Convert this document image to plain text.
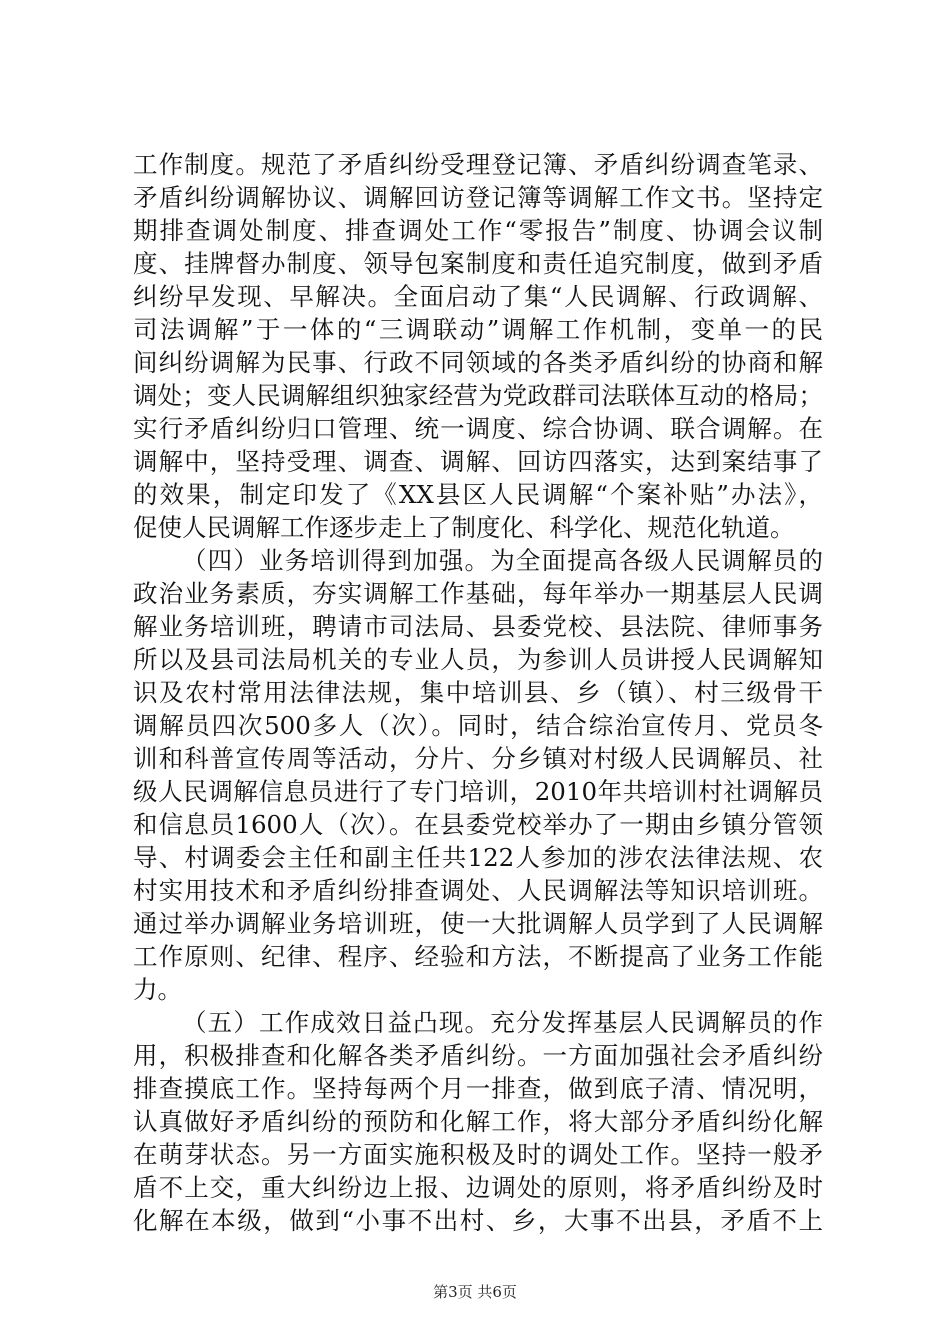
工作制度。规范了矛盾纠纷受理登记簿、矛盾纠纷调查笔录、
矛盾纠纷调解协议、调解回访登记簿等调解工作文书。坚持定
期排查调处制度、排查调处工作“零报告”制度、协调会议制
度、挂牌督办制度、领导包案制度和责任追究制度，做到矛盾
纠纷早发现、早解决。全面启动了集“人民调解、行政调解、
司法调解”于一体的“三调联动”调解工作机制，变单一的民
间纠纷调解为民事、行政不同领域的各类矛盾纠纷的协商和解
调处；变人民调解组织独家经营为党政群司法联体互动的格局；
实行矛盾纠纷归口管理、统一调度、综合协调、联合调解。在
调解中，坚持受理、调查、调解、回访四落实，达到案结事了
的效果，制定印发了《XX县区人民调解“个案补贴”办法》，
促使人民调解工作逐步走上了制度化、科学化、规范化轨道。
（四）业务培训得到加强。为全面提高各级人民调解员的
政治业务素质，夯实调解工作基础，每年举办一期基层人民调
解业务培训班，聘请市司法局、县委党校、县法院、律师事务
所以及县司法局机关的专业人员，为参训人员讲授人民调解知
识及农村常用法律法规，集中培训县、乡（镇）、村三级骨干
调解员四次500多人（次）。同时，结合综治宣传月、党员冬
训和科普宣传周等活动，分片、分乡镇对村级人民调解员、社
级人民调解信息员进行了专门培训，2010年共培训村社调解员
和信息员1600人（次）。在县委党校举办了一期由乡镇分管领
导、村调委会主任和副主任共122人参加的涉农法律法规、农
村实用技术和矛盾纠纷排查调处、人民调解法等知识培训班。
通过举办调解业务培训班，使一大批调解人员学到了人民调解
工作原则、纪律、程序、经验和方法，不断提高了业务工作能
力。
（五）工作成效日益凸现。充分发挥基层人民调解员的作
用，积极排查和化解各类矛盾纠纷。一方面加强社会矛盾纠纷
排查摸底工作。坚持每两个月一排查，做到底子清、情况明，
认真做好矛盾纠纷的预防和化解工作，将大部分矛盾纠纷化解
在萌芽状态。另一方面实施积极及时的调处工作。坚持一般矛
盾不上交，重大纠纷边上报、边调处的原则，将矛盾纠纷及时
化解在本级，做到“小事不出村、乡，大事不出县，矛盾不上
第3页 共6页
